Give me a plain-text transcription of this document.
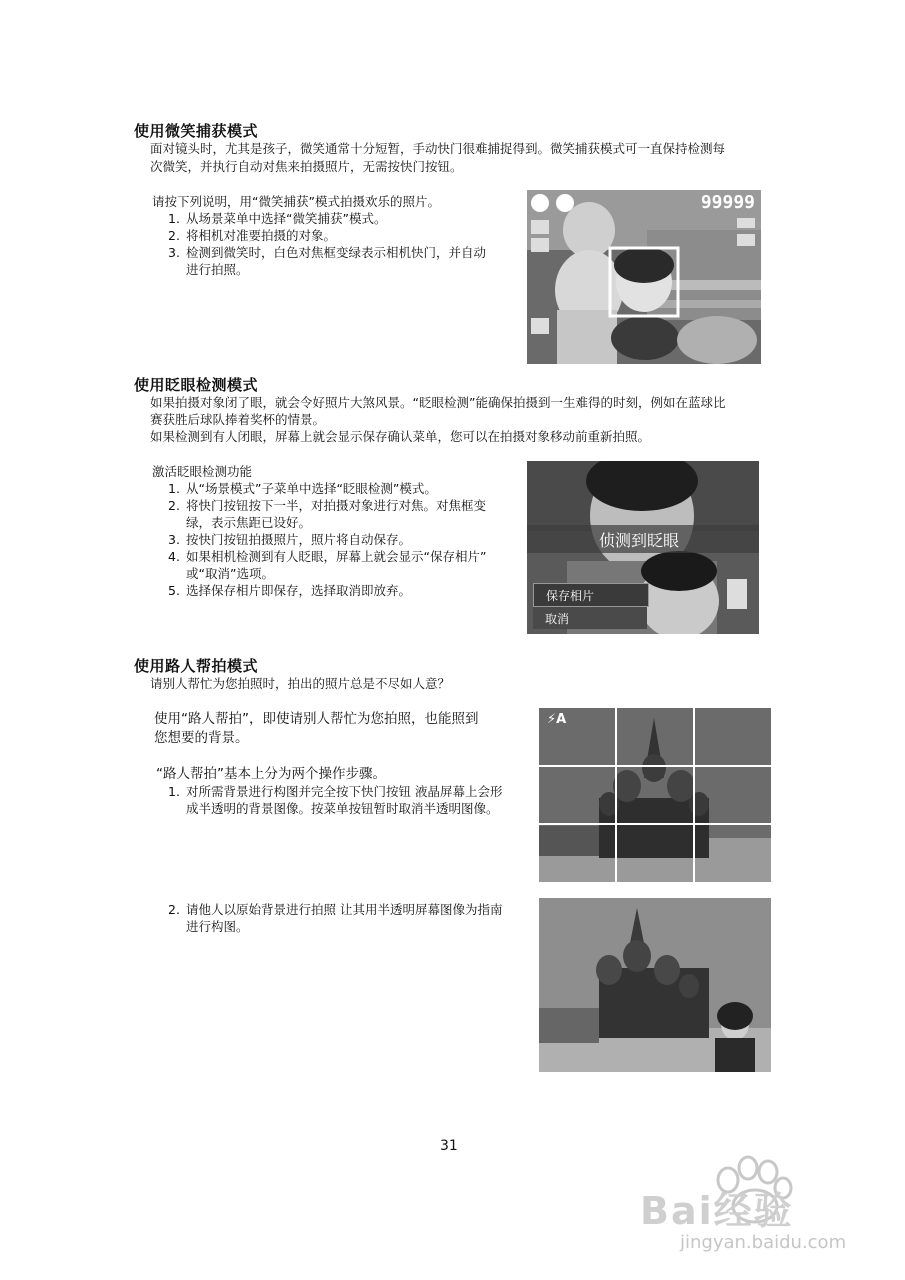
使用微笑捕获模式
面对镜头时，尤其是孩子，微笑通常十分短暂，手动快门很难捕捉得到。微笑捕获模式可一直保持检测每
次微笑，并执行自动对焦来拍摄照片，无需按快门按钮。
请按下列说明，用“微笑捕获”模式拍摄欢乐的照片。
1. 从场景菜单中选择“微笑捕获”模式。
2. 将相机对准要拍摄的对象。
3. 检测到微笑时，白色对焦框变绿表示相机快门，并自动
进行拍照。
99999
使用眨眼检测模式
如果拍摄对象闭了眼，就会令好照片大煞风景。“眨眼检测”能确保拍摄到一生难得的时刻，例如在蓝球比
赛获胜后球队捧着奖杯的情景。
如果检测到有人闭眼，屏幕上就会显示保存确认菜单，您可以在拍摄对象移动前重新拍照。
激活眨眼检测功能
1. 从“场景模式”子菜单中选择“眨眼检测”模式。
2. 将快门按钮按下一半，对拍摄对象进行对焦。对焦框变
绿，表示焦距已设好。
3. 按快门按钮拍摄照片，照片将自动保存。
4. 如果相机检测到有人眨眼，屏幕上就会显示“保存相片”
或“取消”选项。
5. 选择保存相片即保存，选择取消即放弃。
侦测到眨眼
保存相片
取消
使用路人帮拍模式
请别人帮忙为您拍照时，拍出的照片总是不尽如人意？
使用“路人帮拍”，即使请别人帮忙为您拍照，也能照到
您想要的背景。
“路人帮拍”基本上分为两个操作步骤。
1. 对所需背景进行构图并完全按下快门按钮 液晶屏幕上会形
成半透明的背景图像。按菜单按钮暂时取消半透明图像。
⚡A
2. 请他人以原始背景进行拍照 让其用半透明屏幕图像为指南
进行构图。
31
Bai经验
jingyan.baidu.com
